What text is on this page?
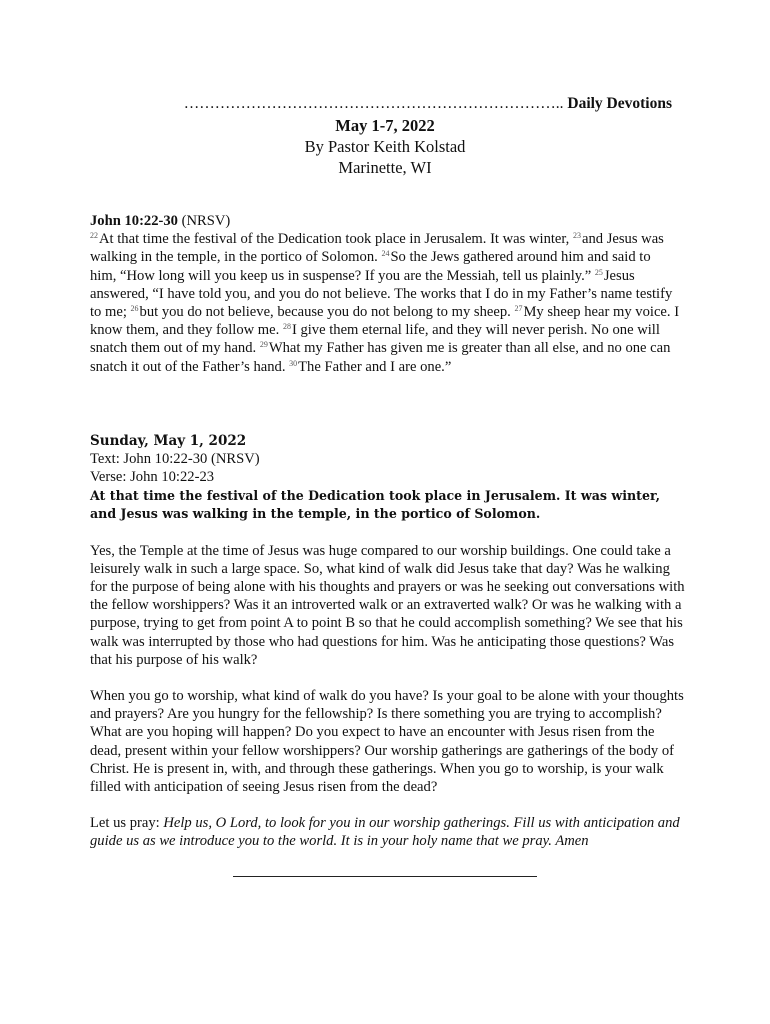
……………………………………………………………….. Daily Devotions
May 1-7, 2022
By Pastor Keith Kolstad
Marinette, WI
John 10:22-30 (NRSV)

$^{22}$At that time the festival of the Dedication took place in Jerusalem. It was winter, $^{23}$and Jesus was walking in the temple, in the portico of Solomon. $^{24}$So the Jews gathered around him and said to him, “How long will you keep us in suspense? If you are the Messiah, tell us plainly.” $^{25}$Jesus answered, “I have told you, and you do not believe. The works that I do in my Father’s name testify to me; $^{26}$but you do not believe, because you do not belong to my sheep. $^{27}$My sheep hear my voice. I know them, and they follow me. $^{28}$I give them eternal life, and they will never perish. No one will snatch them out of my hand. $^{29}$What my Father has given me is greater than all else, and no one can snatch it out of the Father’s hand. $^{30}$The Father and I are one.”

Sunday, May 1, 2022

Text: John 10:22-30 (NRSV)

Verse: John 10:22-23

At that time the festival of the Dedication took place in Jerusalem. It was winter, and Jesus was walking in the temple, in the portico of Solomon.

Yes, the Temple at the time of Jesus was huge compared to our worship buildings. One could take a leisurely walk in such a large space. So, what kind of walk did Jesus take that day? Was he walking for the purpose of being alone with his thoughts and prayers or was he seeking out conversations with the fellow worshippers? Was it an introverted walk or an extraverted walk? Or was he walking with a purpose, trying to get from point A to point B so that he could accomplish something? We see that his walk was interrupted by those who had questions for him. Was he anticipating those questions? Was that his purpose of his walk?

When you go to worship, what kind of walk do you have? Is your goal to be alone with your thoughts and prayers? Are you hungry for the fellowship? Is there something you are trying to accomplish? What are you hoping will happen? Do you expect to have an encounter with Jesus risen from the dead, present within your fellow worshippers? Our worship gatherings are gatherings of the body of Christ. He is present in, with, and through these gatherings. When you go to worship, is your walk filled with anticipation of seeing Jesus risen from the dead?

Let us pray: Help us, O Lord, to look for you in our worship gatherings. Fill us with anticipation and guide us as we introduce you to the world. It is in your holy name that we pray. Amen
